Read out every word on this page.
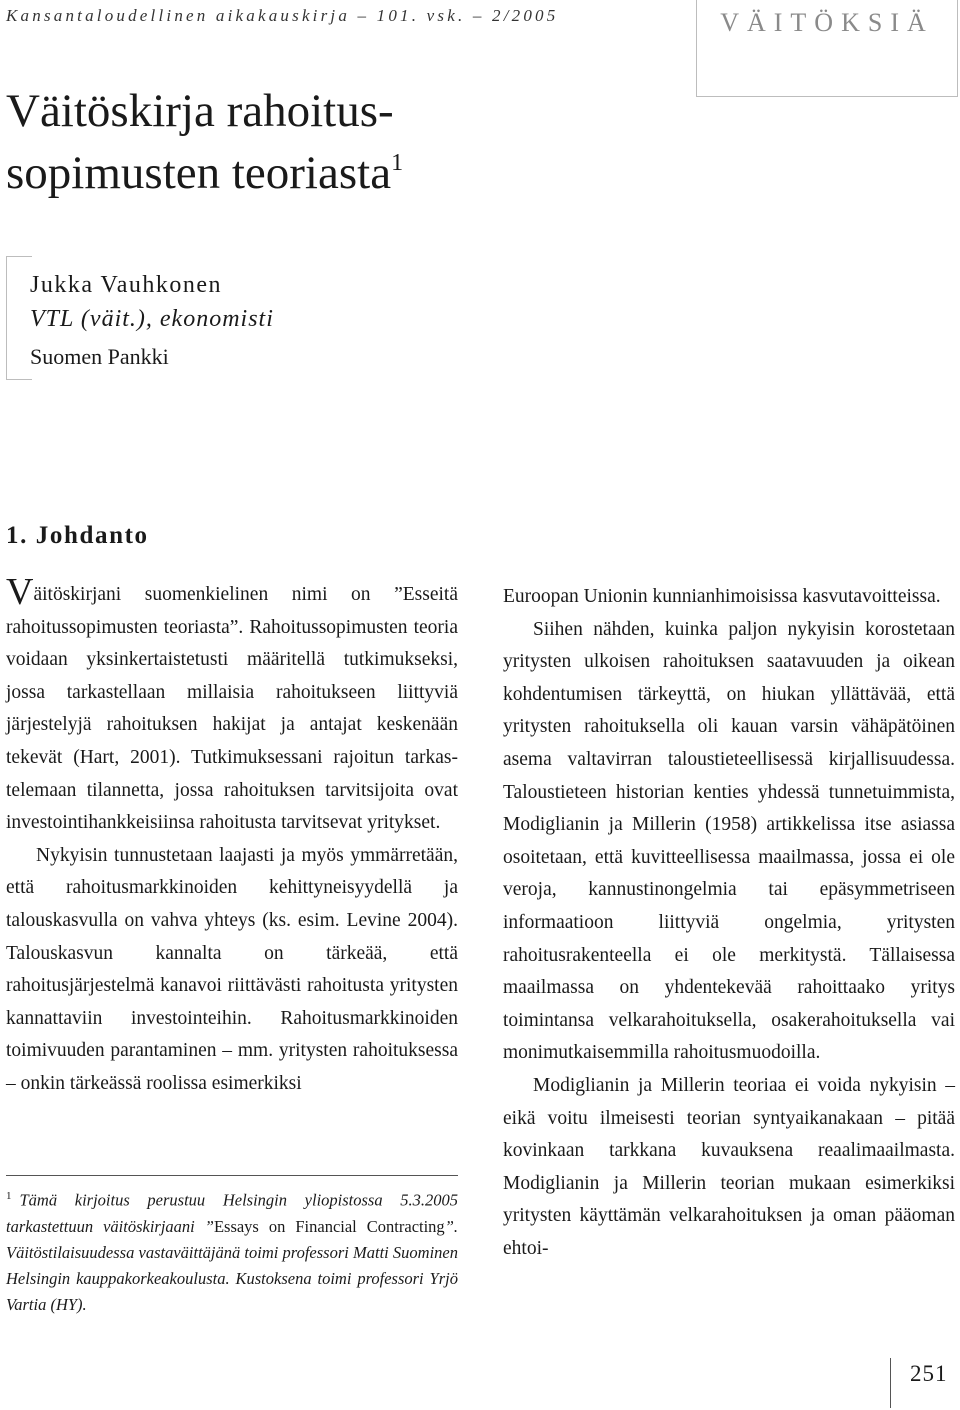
Kansantaloudellinen aikakauskirja – 101. vsk. – 2/2005	VÄITÖKSIÄ
Väitöskirja rahoitus-
sopimusten teoriasta$^1$
Jukka Vauhkonen
VTL (väit.), ekonomisti
Suomen Pankki
1. Johdanto

Väitöskirjani suomenkielinen nimi on ”Esseitä rahoitussopimusten teoriasta”. Rahoitussopimusten teoria voidaan yksinkertaistetusti määritellä tutkimukseksi, jossa tarkastellaan millaisia rahoitukseen liittyviä järjestelyjä rahoituksen hakijat ja antajat keskenään tekevät (Hart, 2001). Tutkimuksessani rajoitun tarkastelemaan tilannetta, jossa rahoituksen tarvitsijoita ovat investointihankkeisiinsa rahoitusta tarvitsevat yritykset.

Nykyisin tunnustetaan laajasti ja myös ymmärretään, että rahoitusmarkkinoiden kehittyneisyydellä ja talouskasvulla on vahva yhteys (ks. esim. Levine 2004). Talouskasvun kannalta on tärkeää, että rahoitusjärjestelmä kanavoi riittävästi rahoitusta yritysten kannattaviin investointeihin. Rahoitusmarkkinoiden toimivuuden parantaminen – mm. yritysten rahoituksessa – onkin tärkeässä roolissa esimerkiksi

$^1$ Tämä kirjoitus perustuu Helsingin yliopistossa 5.3.2005 tarkastettuun väitöskirjaani ”Essays on Financial Contracting”. Väitöstilaisuudessa vastaväittäjänä toimi professori Matti Suominen Helsingin kauppakorkeakoulusta. Kustoksena toimi professori Yrjö Vartia (HY).

Euroopan Unionin kunnianhimoisissa kasvutavoitteissa.

Siihen nähden, kuinka paljon nykyisin korostetaan yritysten ulkoisen rahoituksen saatavuuden ja oikean kohdentumisen tärkeyttä, on hiukan yllättävää, että yritysten rahoituksella oli kauan varsin vähäpätöinen asema valtavirran taloustieteellisessä kirjallisuudessa. Taloustieteen historian kenties yhdessä tunnetuimmista, Modiglianin ja Millerin (1958) artikkelissa itse asiassa osoitetaan, että kuvitteellisessa maailmassa, jossa ei ole veroja, kannustinongelmia tai epäsymmetriseen informaatioon liittyviä ongelmia, yritysten rahoitusrakenteella ei ole merkitystä. Tällaisessa maailmassa on yhdentekevää rahoittaako yritys toimintansa velkarahoituksella, osakerahoituksella vai monimutkaisemmilla rahoitusmuodoilla.

Modiglianin ja Millerin teoriaa ei voida nykyisin – eikä voitu ilmeisesti teorian syntyaikanakaan – pitää kovinkaan tarkkana kuvauksena reaalimaailmasta. Modiglianin ja Millerin teorian mukaan esimerkiksi yritysten käyttämän velkarahoituksen ja oman pääoman ehtoi-

251
